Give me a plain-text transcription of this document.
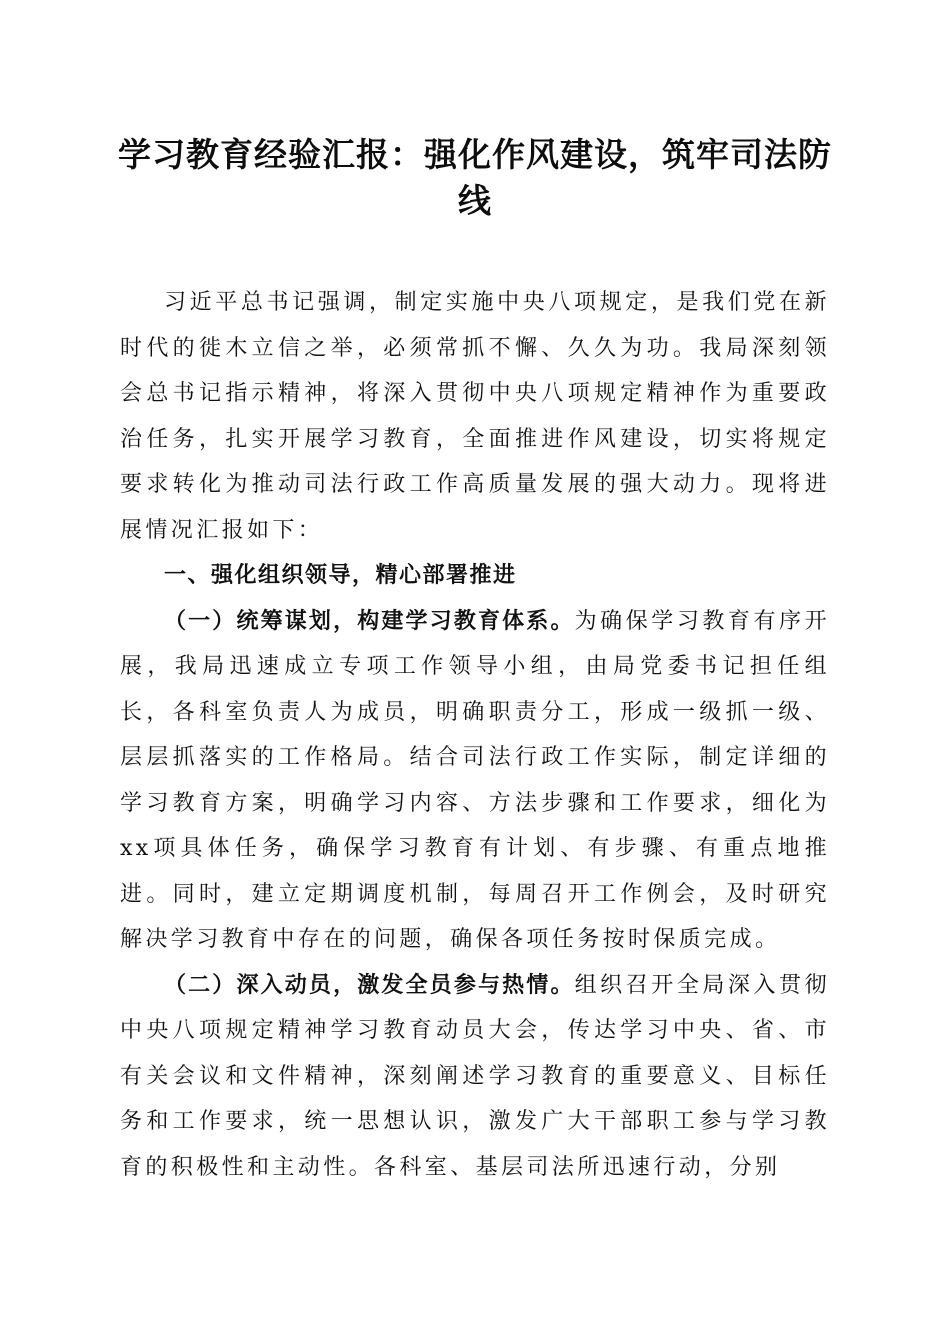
学习教育经验汇报：强化作风建设，筑牢司法防线

习近平总书记强调，制定实施中央八项规定，是我们党在新时代的徙木立信之举，必须常抓不懈、久久为功。我局深刻领会总书记指示精神，将深入贯彻中央八项规定精神作为重要政治任务，扎实开展学习教育，全面推进作风建设，切实将规定要求转化为推动司法行政工作高质量发展的强大动力。现将进展情况汇报如下：

一、强化组织领导，精心部署推进

（一）统筹谋划，构建学习教育体系。为确保学习教育有序开展，我局迅速成立专项工作领导小组，由局党委书记担任组长，各科室负责人为成员，明确职责分工，形成一级抓一级、层层抓落实的工作格局。结合司法行政工作实际，制定详细的学习教育方案，明确学习内容、方法步骤和工作要求，细化为xx项具体任务，确保学习教育有计划、有步骤、有重点地推进。同时，建立定期调度机制，每周召开工作例会，及时研究解决学习教育中存在的问题，确保各项任务按时保质完成。

（二）深入动员，激发全员参与热情。组织召开全局深入贯彻中央八项规定精神学习教育动员大会，传达学习中央、省、市有关会议和文件精神，深刻阐述学习教育的重要意义、目标任务和工作要求，统一思想认识，激发广大干部职工参与学习教育的积极性和主动性。各科室、基层司法所迅速行动，分别
